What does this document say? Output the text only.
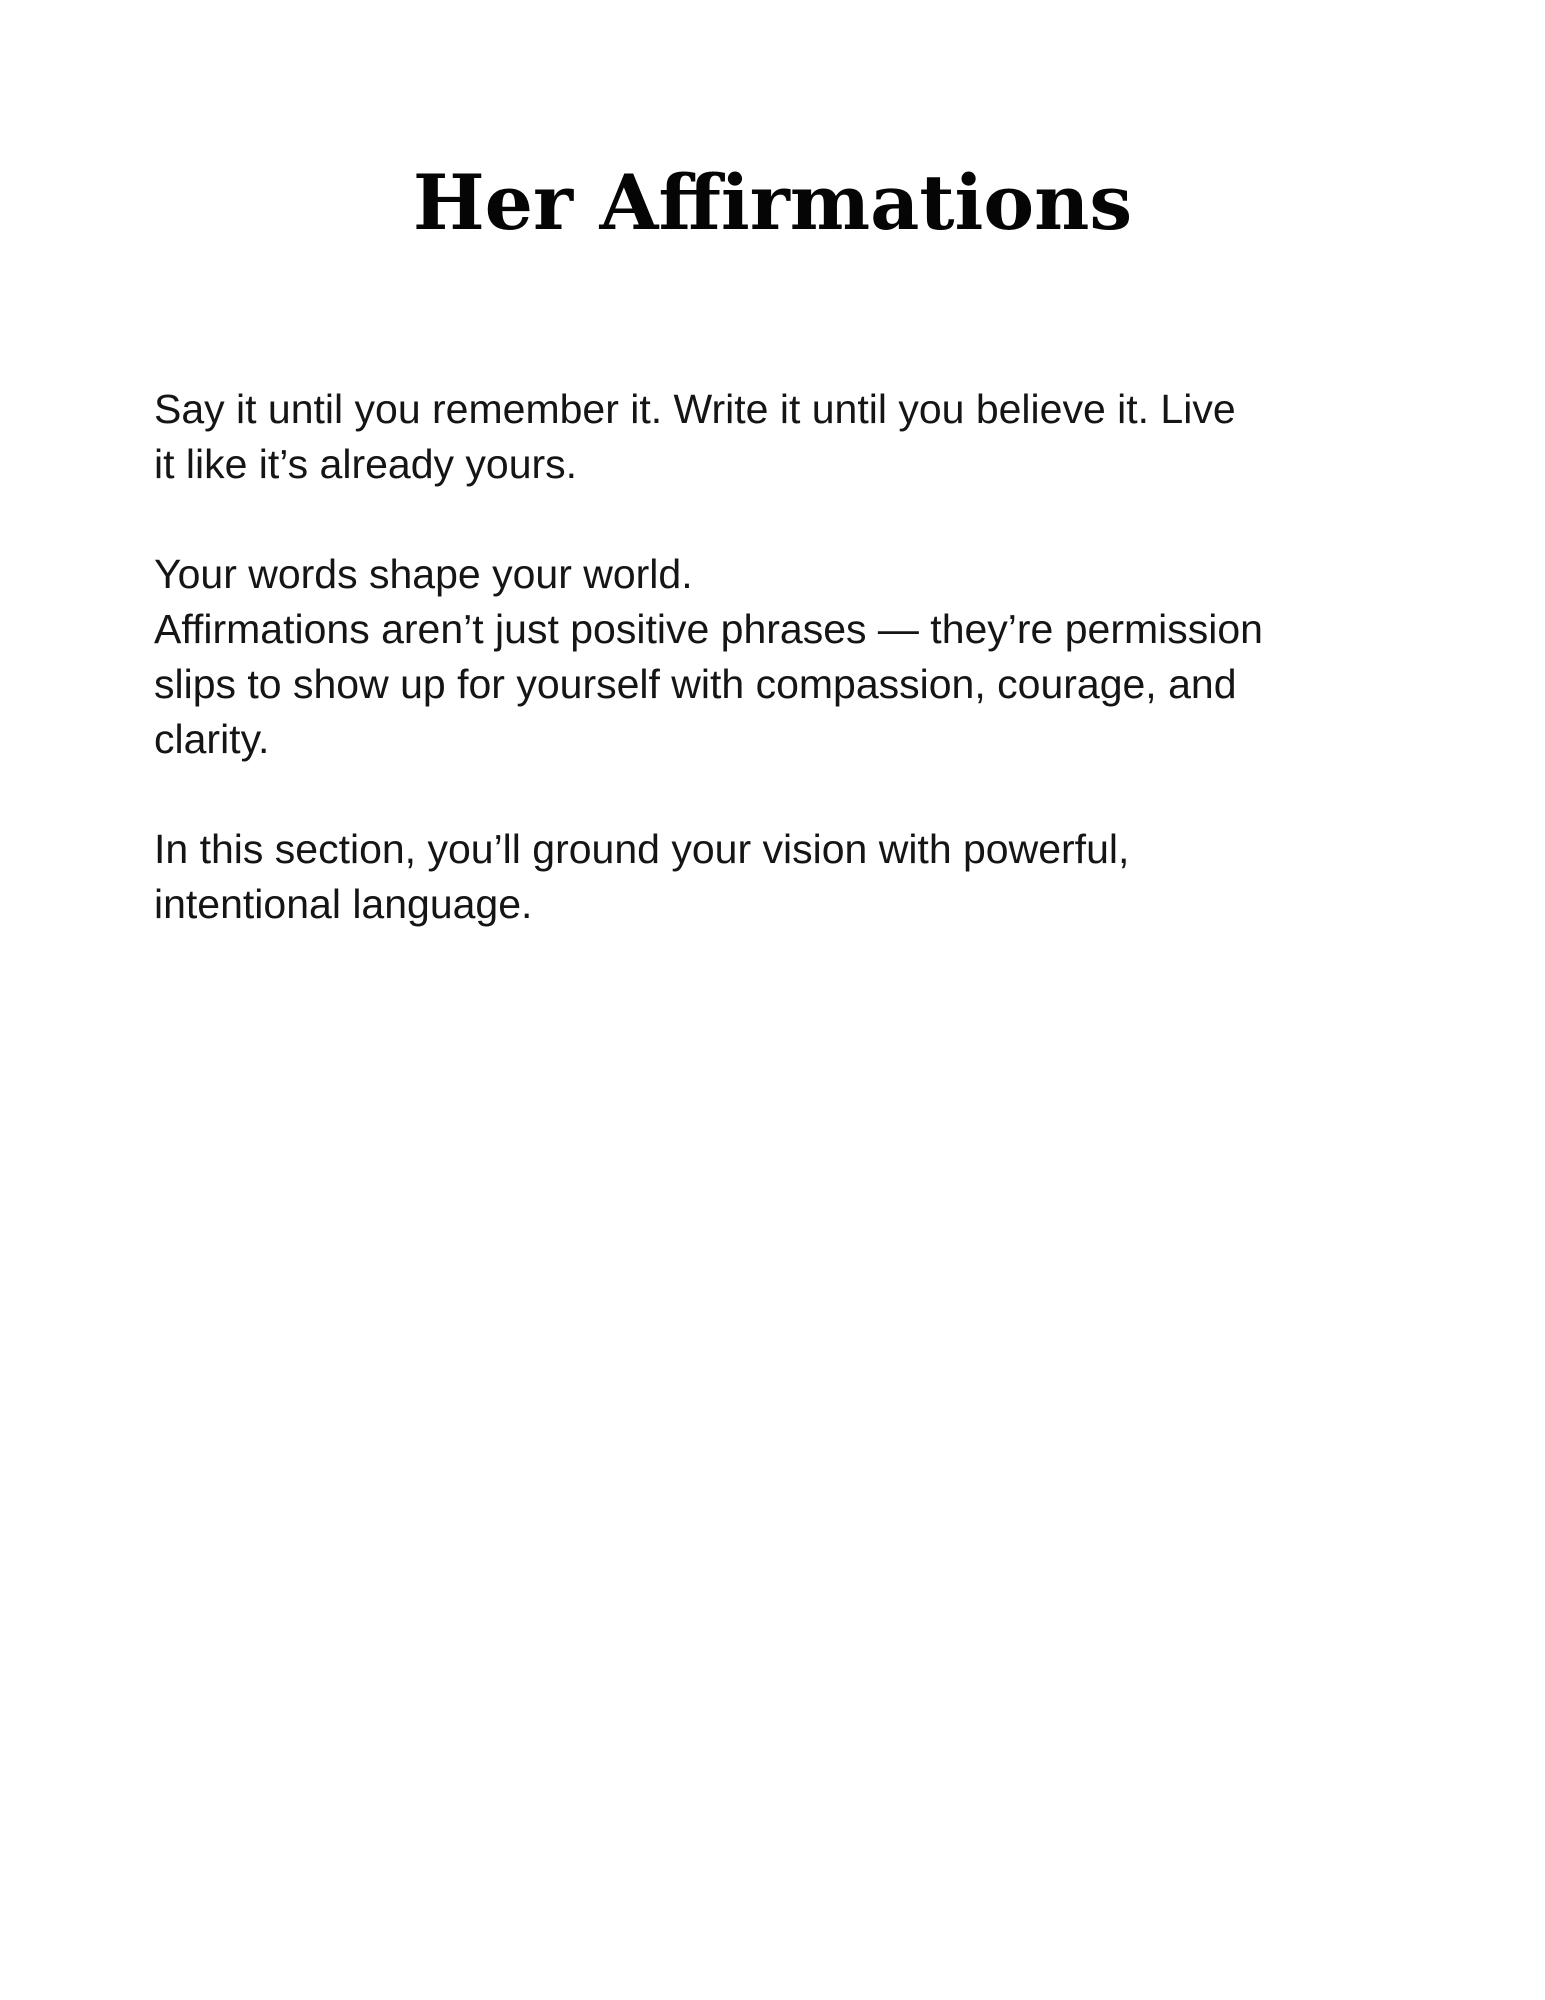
Her Affirmations
Say it until you remember it. Write it until you believe it. Live
it like it’s already yours.
Your words shape your world.
Affirmations aren’t just positive phrases — they’re permission
slips to show up for yourself with compassion, courage, and
clarity.
In this section, you’ll ground your vision with powerful,
intentional language.
